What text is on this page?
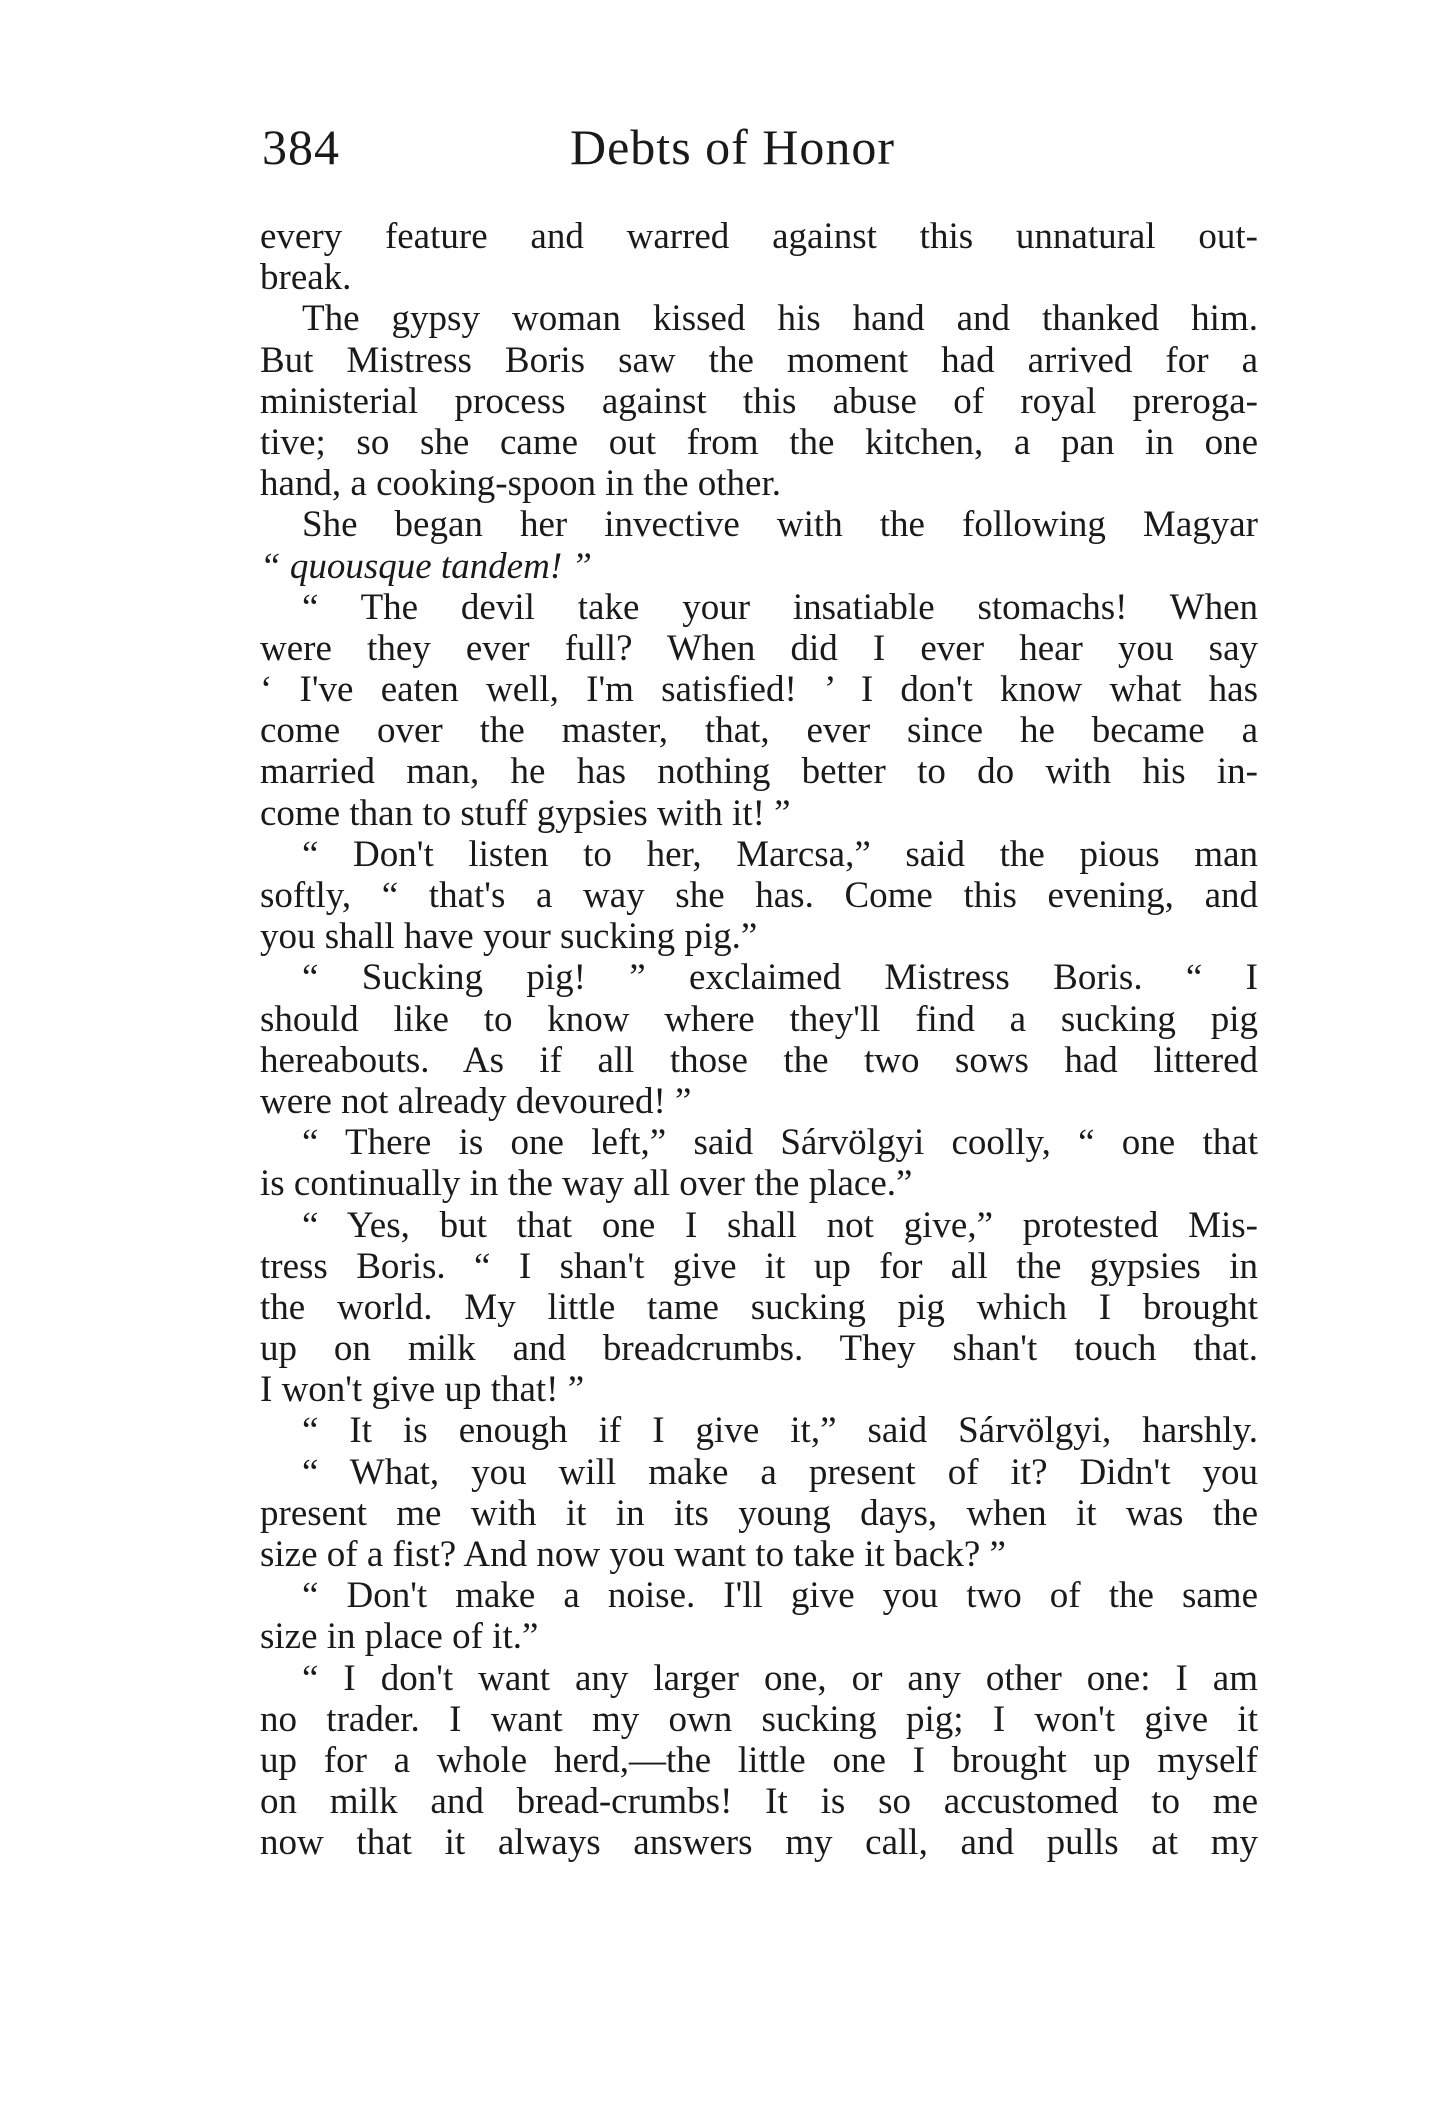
384	Debts of Honor
every feature and warred against this unnatural out-
break.
The gypsy woman kissed his hand and thanked him.
But Mistress Boris saw the moment had arrived for a
ministerial process against this abuse of royal preroga-
tive; so she came out from the kitchen, a pan in one
hand, a cooking-spoon in the other.
She began her invective with the following Magyar
“ quousque tandem! ”
“ The devil take your insatiable stomachs! When
were they ever full? When did I ever hear you say
‘ I've eaten well, I'm satisfied! ’ I don't know what has
come over the master, that, ever since he became a
married man, he has nothing better to do with his in-
come than to stuff gypsies with it! ”
“ Don't listen to her, Marcsa,” said the pious man
softly, “ that's a way she has. Come this evening, and
you shall have your sucking pig.”
“ Sucking pig! ” exclaimed Mistress Boris. “ I
should like to know where they'll find a sucking pig
hereabouts. As if all those the two sows had littered
were not already devoured! ”
“ There is one left,” said Sárvölgyi coolly, “ one that
is continually in the way all over the place.”
“ Yes, but that one I shall not give,” protested Mis-
tress Boris. “ I shan't give it up for all the gypsies in
the world. My little tame sucking pig which I brought
up on milk and breadcrumbs. They shan't touch that.
I won't give up that! ”
“ It is enough if I give it,” said Sárvölgyi, harshly.
“ What, you will make a present of it? Didn't you
present me with it in its young days, when it was the
size of a fist? And now you want to take it back? ”
“ Don't make a noise. I'll give you two of the same
size in place of it.”
“ I don't want any larger one, or any other one: I am
no trader. I want my own sucking pig; I won't give it
up for a whole herd,—the little one I brought up myself
on milk and bread-crumbs! It is so accustomed to me
now that it always answers my call, and pulls at my
